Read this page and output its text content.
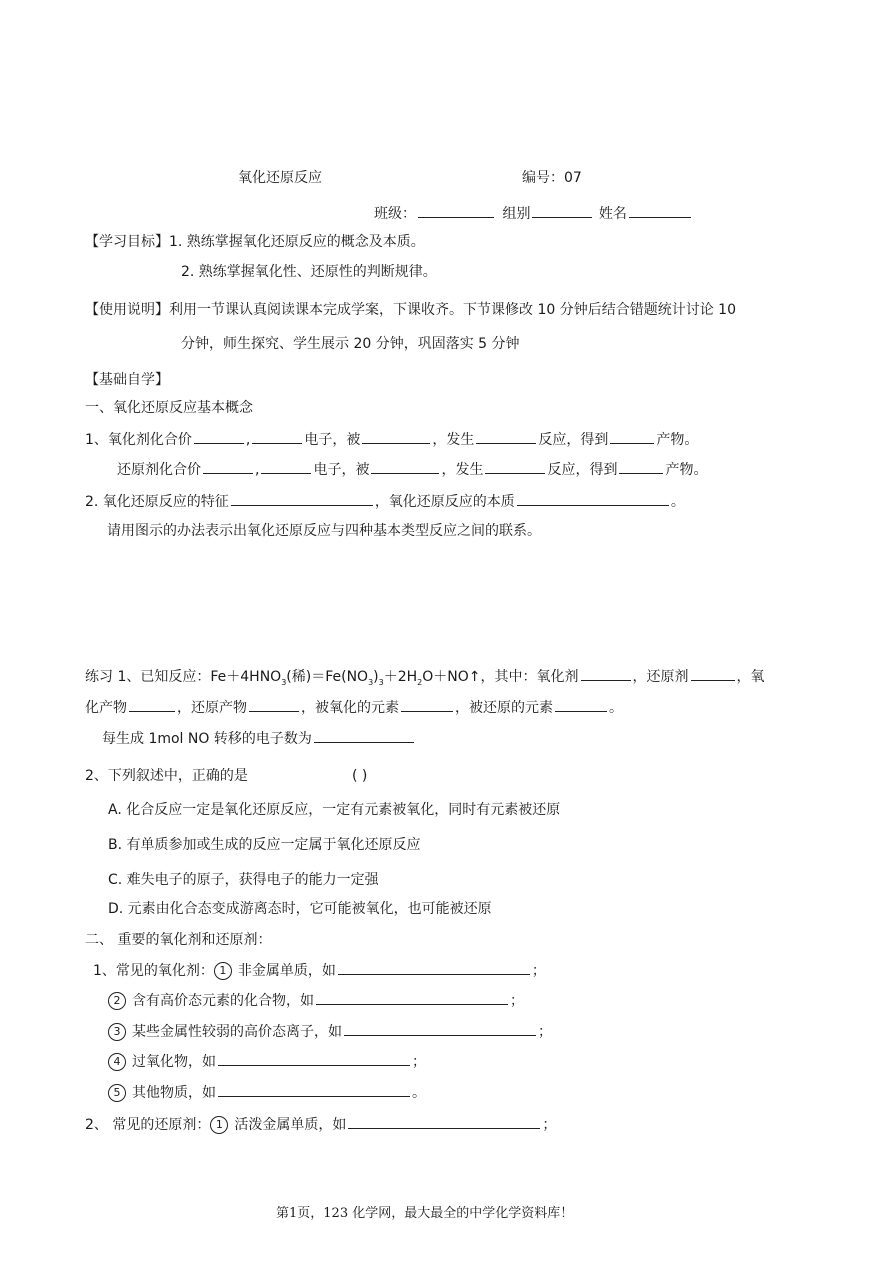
氧化还原反应	编号：07
班级：	组别	姓名
【学习目标】1. 熟练掌握氧化还原反应的概念及本质。
2. 熟练掌握氧化性、还原性的判断规律。
【使用说明】利用一节课认真阅读课本完成学案，下课收齐。下节课修改 10 分钟后结合错题统计讨论 10
分钟，师生探究、学生展示 20 分钟，巩固落实 5 分钟
【基础自学】
一、氧化还原反应基本概念
1、氧化剂化合价	,	电子，被	，发生	反应，得到	产物。
还原剂化合价	,	电子，被	，发生	反应，得到	产物。
2. 氧化还原反应的特征	，氧化还原反应的本质	。
请用图示的办法表示出氧化还原反应与四种基本类型反应之间的联系。
练习 1、已知反应：$Fe+4HNO_3$(稀)$=Fe(NO_3)_3+2H_2O+NO↑$，其中：氧化剂	，还原剂	，氧
化产物	，还原产物	，被氧化的元素	，被还原的元素	。
每生成 1mol NO 转移的电子数为
2、下列叙述中，正确的是	( )
A. 化合反应一定是氧化还原反应，一定有元素被氧化，同时有元素被还原
B. 有单质参加或生成的反应一定属于氧化还原反应
C. 难失电子的原子，获得电子的能力一定强
D. 元素由化合态变成游离态时，它可能被氧化，也可能被还原
二、 重要的氧化剂和还原剂：
1、常见的氧化剂： 1 非金属单质，如	；
2 含有高价态元素的化合物，如	；
3 某些金属性较弱的高价态离子，如	；
4 过氧化物，如	；
5 其他物质，如	。
2、 常见的还原剂： 1 活泼金属单质，如	；
第1页，123 化学网，最大最全的中学化学资料库！
